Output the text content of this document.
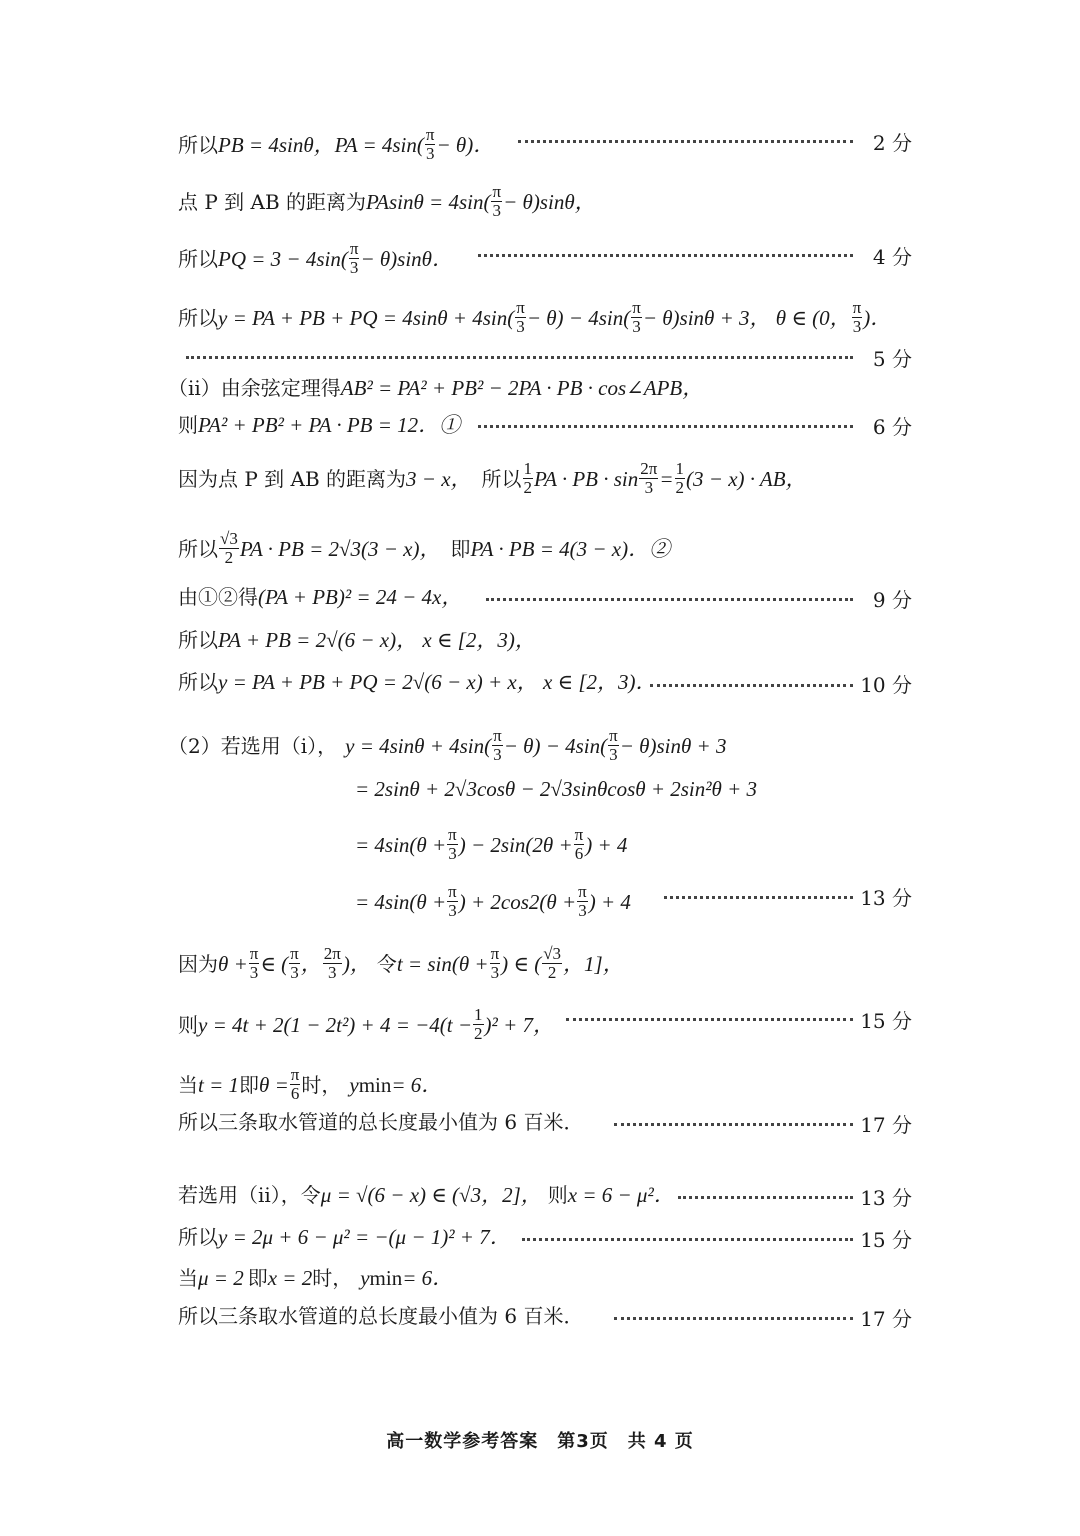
所以 PB = 4sinθ，PA = $4\sin( \frac{\pi}{3} - \theta)$．	2 分
点 P 到 AB 的距离为 $PAsin\theta = 4\sin( \frac{\pi}{3} - \theta)\sin\theta$，
所以 PQ = $3 - 4\sin( \frac{\pi}{3} - \theta)\sin\theta$．	4 分
所以 y = PA + PB + PQ = $4\sin\theta + 4\sin( \frac{\pi}{3} - \theta) - 4\sin( \frac{\pi}{3} - \theta)\sin\theta + 3$， θ ∈ (0， $\frac{\pi}{3}$ )．
5 分
（ii）由余弦定理得 AB² = PA² + PB² − 2PA · PB · cos∠APB，
则 PA² + PB² + PA · PB = 12．①	6 分
因为点 P 到 AB 的距离为 3 − x， 所以 $\frac{1}{2}$ PA · PB · $\sin \frac{2\pi}{3} = \frac{1}{2} (3 - x)$ · AB，
所以 $\frac{√3}{2}$ PA · PB = 2√3(3 − x)， 即 PA · PB = 4(3 − x)．②
由①②得 (PA + PB)² = 24 − 4x，	9 分
所以 PA + PB = 2√(6 − x)， x ∈ [2，3)，
所以 y = PA + PB + PQ = 2√(6 − x) + x， x ∈ [2，3)．	10 分
（2）若选用（i）， $y = 4\sin\theta + 4\sin( \frac{\pi}{3} - \theta) - 4\sin( \frac{\pi}{3} - \theta)\sin\theta + 3$
= 2sinθ + 2√3cosθ − 2√3sinθcosθ + 2sin²θ + 3
= $4\sin(\theta + \frac{\pi}{3}$ ) − $2\sin(2\theta + \frac{\pi}{6}$ ) + 4
= $4\sin(\theta + \frac{\pi}{3}$ ) + $2\cos 2(\theta + \frac{\pi}{3}$ ) + 4	13 分
因为 $\theta + \frac{\pi}{3}$ ∈ ( $\frac{\pi}{3}$ ， $\frac{2\pi}{3}$ )， 令 $t = \sin(\theta + \frac{\pi}{3}$ ) ∈ ( $\frac{√3}{2}$ ，1]，
则 $y = 4t + 2(1 - 2t^2) + 4 = -4(t - \frac{1}{2} )^2 + 7$，	15 分
当 t = 1 即 $\theta = \frac{\pi}{6}$ 时， y min = 6．
所以三条取水管道的总长度最小值为 6 百米．	17 分
若选用（ii），令 μ = √(6 − x) ∈ (√3，2]， 则 x = 6 − μ²．	13 分
所以 y = 2μ + 6 − μ² = −(μ − 1)² + 7．	15 分
当 μ = 2 即 x = 2 时， y min = 6．
所以三条取水管道的总长度最小值为 6 百米．	17 分
高一数学参考答案　第3页　共 4 页
